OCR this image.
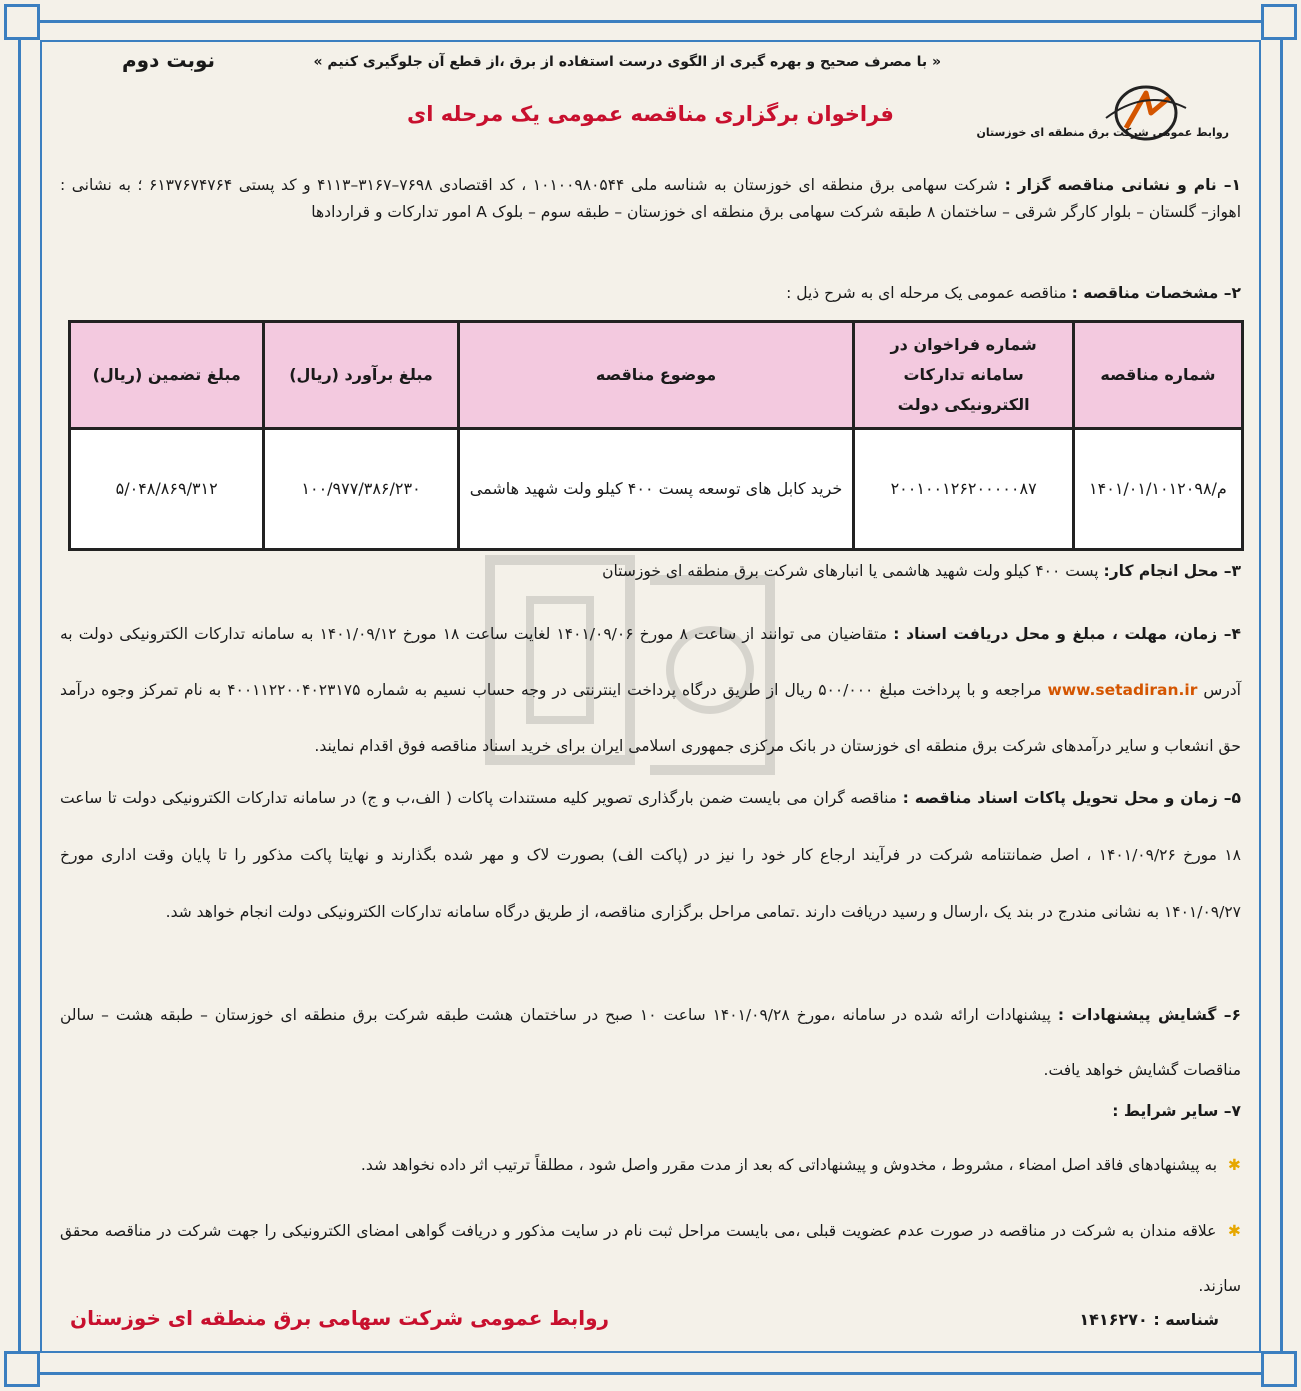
نوبت دوم	« با مصرف صحیح و بهره گیری از الگوی درست استفاده از برق ،از قطع آن جلوگیری کنیم »
روابط عمومی شرکت برق منطقه ای خوزستان
فراخوان برگزاری مناقصه عمومی یک مرحله ای
۱– نام و نشانی مناقصه گزار : شرکت سهامی برق منطقه ای خوزستان به شناسه ملی ۱۰۱۰۰۹۸۰۵۴۴ ، کد اقتصادی ۷۶۹۸–۳۱۶۷–۴۱۱۳ و کد پستی ۶۱۳۷۶۷۴۷۶۴ ؛ به نشانی : اهواز– گلستان – بلوار کارگر شرقی – ساختمان ۸ طبقه شرکت سهامی برق منطقه ای خوزستان – طبقه سوم – بلوک A امور تدارکات و قراردادها
۲– مشخصات مناقصه : مناقصه عمومی یک مرحله ای به شرح ذیل :
شماره مناقصه	شماره فراخوان در سامانه تدارکات الکترونیکی دولت	موضوع مناقصه	مبلغ برآورد (ریال)	مبلغ تضمین (ریال)
م/۱۴۰۱/۰۱/۱۰۱۲۰۹۸	۲۰۰۱۰۰۱۲۶۲۰۰۰۰۰۸۷	خرید کابل های توسعه پست ۴۰۰ کیلو ولت شهید هاشمی	۱۰۰/۹۷۷/۳۸۶/۲۳۰	۵/۰۴۸/۸۶۹/۳۱۲
۳– محل انجام کار: پست ۴۰۰ کیلو ولت شهید هاشمی یا انبارهای شرکت برق منطقه ای خوزستان
۴– زمان، مهلت ، مبلغ و محل دریافت اسناد : متقاضیان می توانند از ساعت ۸ مورخ ۱۴۰۱/۰۹/۰۶ لغایت ساعت ۱۸ مورخ ۱۴۰۱/۰۹/۱۲ به سامانه تدارکات الکترونیکی دولت به آدرس www.setadiran.ir مراجعه و با پرداخت مبلغ ۵۰۰/۰۰۰ ریال از طریق درگاه پرداخت اینترنتی در وجه حساب نسیم به شماره ۴۰۰۱۱۲۲۰۰۴۰۲۳۱۷۵ به نام تمرکز وجوه درآمد حق انشعاب و سایر درآمدهای شرکت برق منطقه ای خوزستان در بانک مرکزی جمهوری اسلامی ایران برای خرید اسناد مناقصه فوق اقدام نمایند.
۵– زمان و محل تحویل پاکات اسناد مناقصه : مناقصه گران می بایست ضمن بارگذاری تصویر کلیه مستندات پاکات ( الف،ب و ج) در سامانه تدارکات الکترونیکی دولت تا ساعت ۱۸ مورخ ۱۴۰۱/۰۹/۲۶ ، اصل ضمانتنامه شرکت در فرآیند ارجاع کار خود را نیز در (پاکت الف) بصورت لاک و مهر شده بگذارند و نهایتا پاکت مذکور را تا پایان وقت اداری مورخ ۱۴۰۱/۰۹/۲۷ به نشانی مندرج در بند یک ،ارسال و رسید دریافت دارند .تمامی مراحل برگزاری مناقصه، از طریق درگاه سامانه تدارکات الکترونیکی دولت انجام خواهد شد.
۶– گشایش پیشنهادات : پیشنهادات ارائه شده در سامانه ،مورخ ۱۴۰۱/۰۹/۲۸ ساعت ۱۰ صبح در ساختمان هشت طبقه شرکت برق منطقه ای خوزستان – طبقه هشت – سالن مناقصات گشایش خواهد یافت.
۷– سایر شرایط :
✱ به پیشنهادهای فاقد اصل امضاء ، مشروط ، مخدوش و پیشنهاداتی که بعد از مدت مقرر واصل شود ، مطلقاً ترتیب اثر داده نخواهد شد.
✱ علاقه مندان به شرکت در مناقصه در صورت عدم عضویت قبلی ،می بایست مراحل ثبت نام در سایت مذکور و دریافت گواهی امضای الکترونیکی را جهت شرکت در مناقصه محقق سازند.
شناسه : ۱۴۱۶۲۷۰
روابط عمومی شرکت سهامی برق منطقه ای خوزستان
